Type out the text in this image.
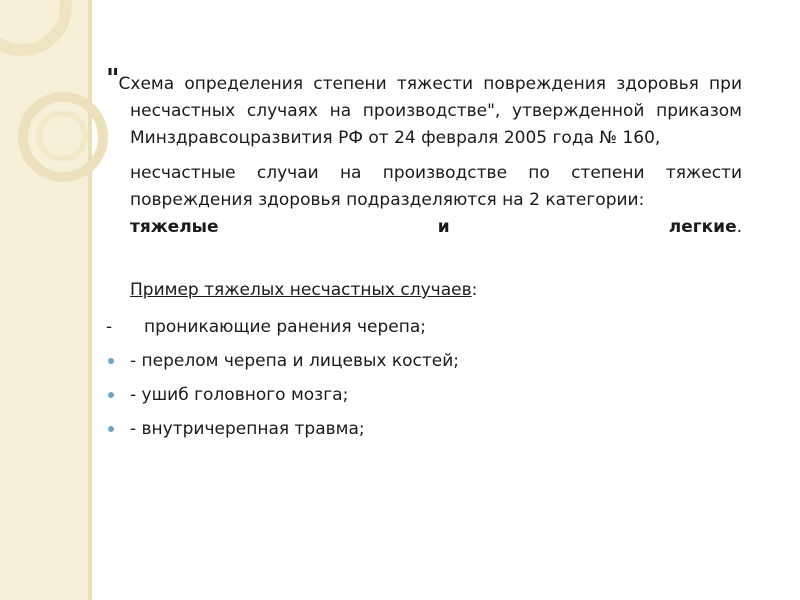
"Схема определения степени тяжести повреждения здоровья при несчастных случаях на производстве", утвержденной приказом Минздравсоцразвития РФ от 24 февраля 2005 года № 160,

несчастные случаи на производстве по степени тяжести повреждения здоровья подразделяются на 2 категории:

тяжелые	и	легкие.
Пример тяжелых несчастных случаев:
- проникающие ранения черепа;
- перелом черепа и лицевых костей;
- ушиб головного мозга;
- внутричерепная травма;
